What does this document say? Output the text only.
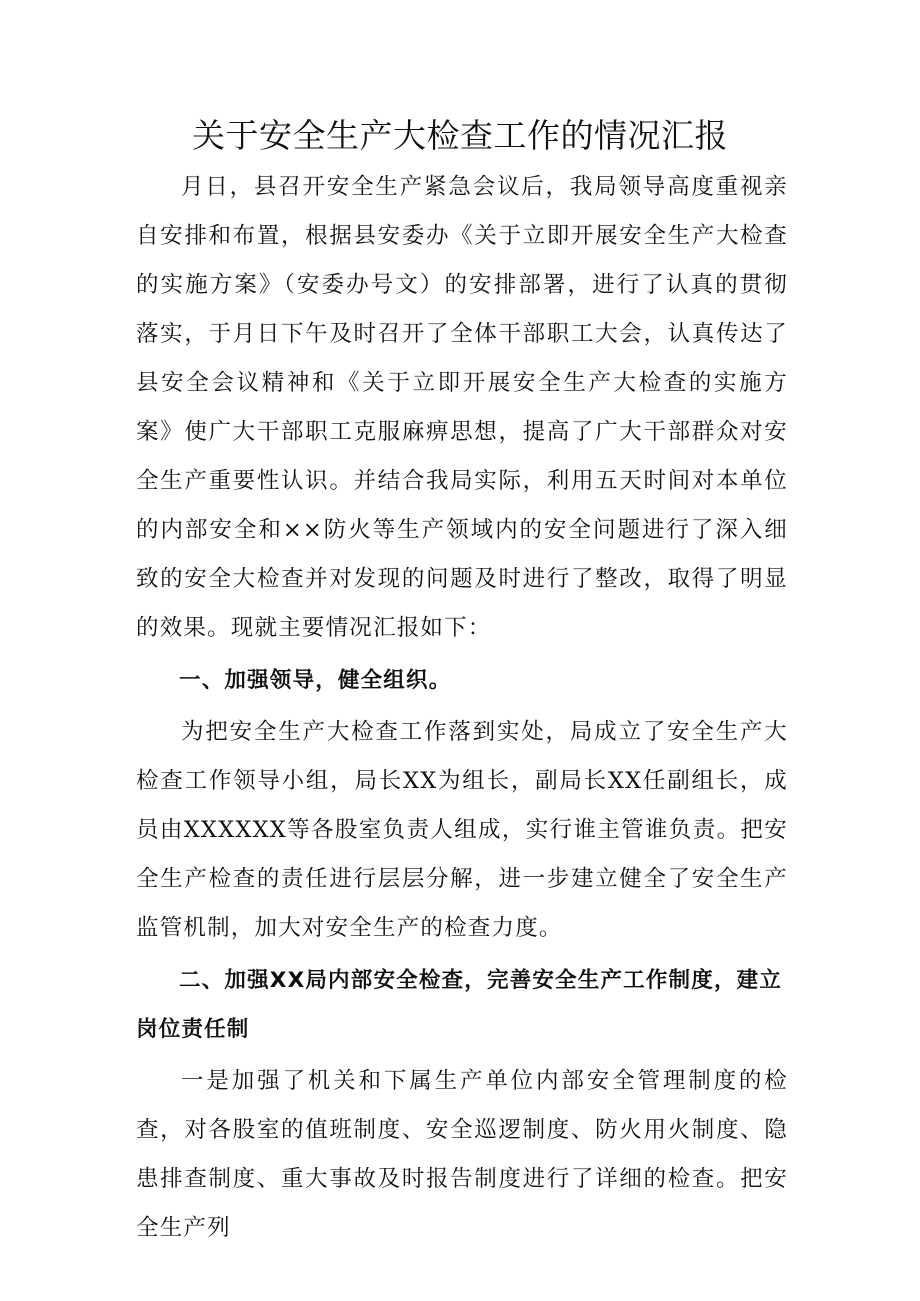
关于安全生产大检查工作的情况汇报

月日，县召开安全生产紧急会议后，我局领导高度重视亲自安排和布置，根据县安委办《关于立即开展安全生产大检查的实施方案》（安委办号文）的安排部署，进行了认真的贯彻落实，于月日下午及时召开了全体干部职工大会，认真传达了县安全会议精神和《关于立即开展安全生产大检查的实施方案》使广大干部职工克服麻痹思想，提高了广大干部群众对安全生产重要性认识。并结合我局实际，利用五天时间对本单位的内部安全和××防火等生产领域内的安全问题进行了深入细致的安全大检查并对发现的问题及时进行了整改，取得了明显的效果。现就主要情况汇报如下：

一、加强领导，健全组织。

为把安全生产大检查工作落到实处，局成立了安全生产大检查工作领导小组，局长XX为组长，副局长XX任副组长，成员由XXXXXX等各股室负责人组成，实行谁主管谁负责。把安全生产检查的责任进行层层分解，进一步建立健全了安全生产监管机制，加大对安全生产的检查力度。

二、加强XX局内部安全检查，完善安全生产工作制度，建立岗位责任制

一是加强了机关和下属生产单位内部安全管理制度的检查，对各股室的值班制度、安全巡逻制度、防火用火制度、隐患排查制度、重大事故及时报告制度进行了详细的检查。把安全生产列
